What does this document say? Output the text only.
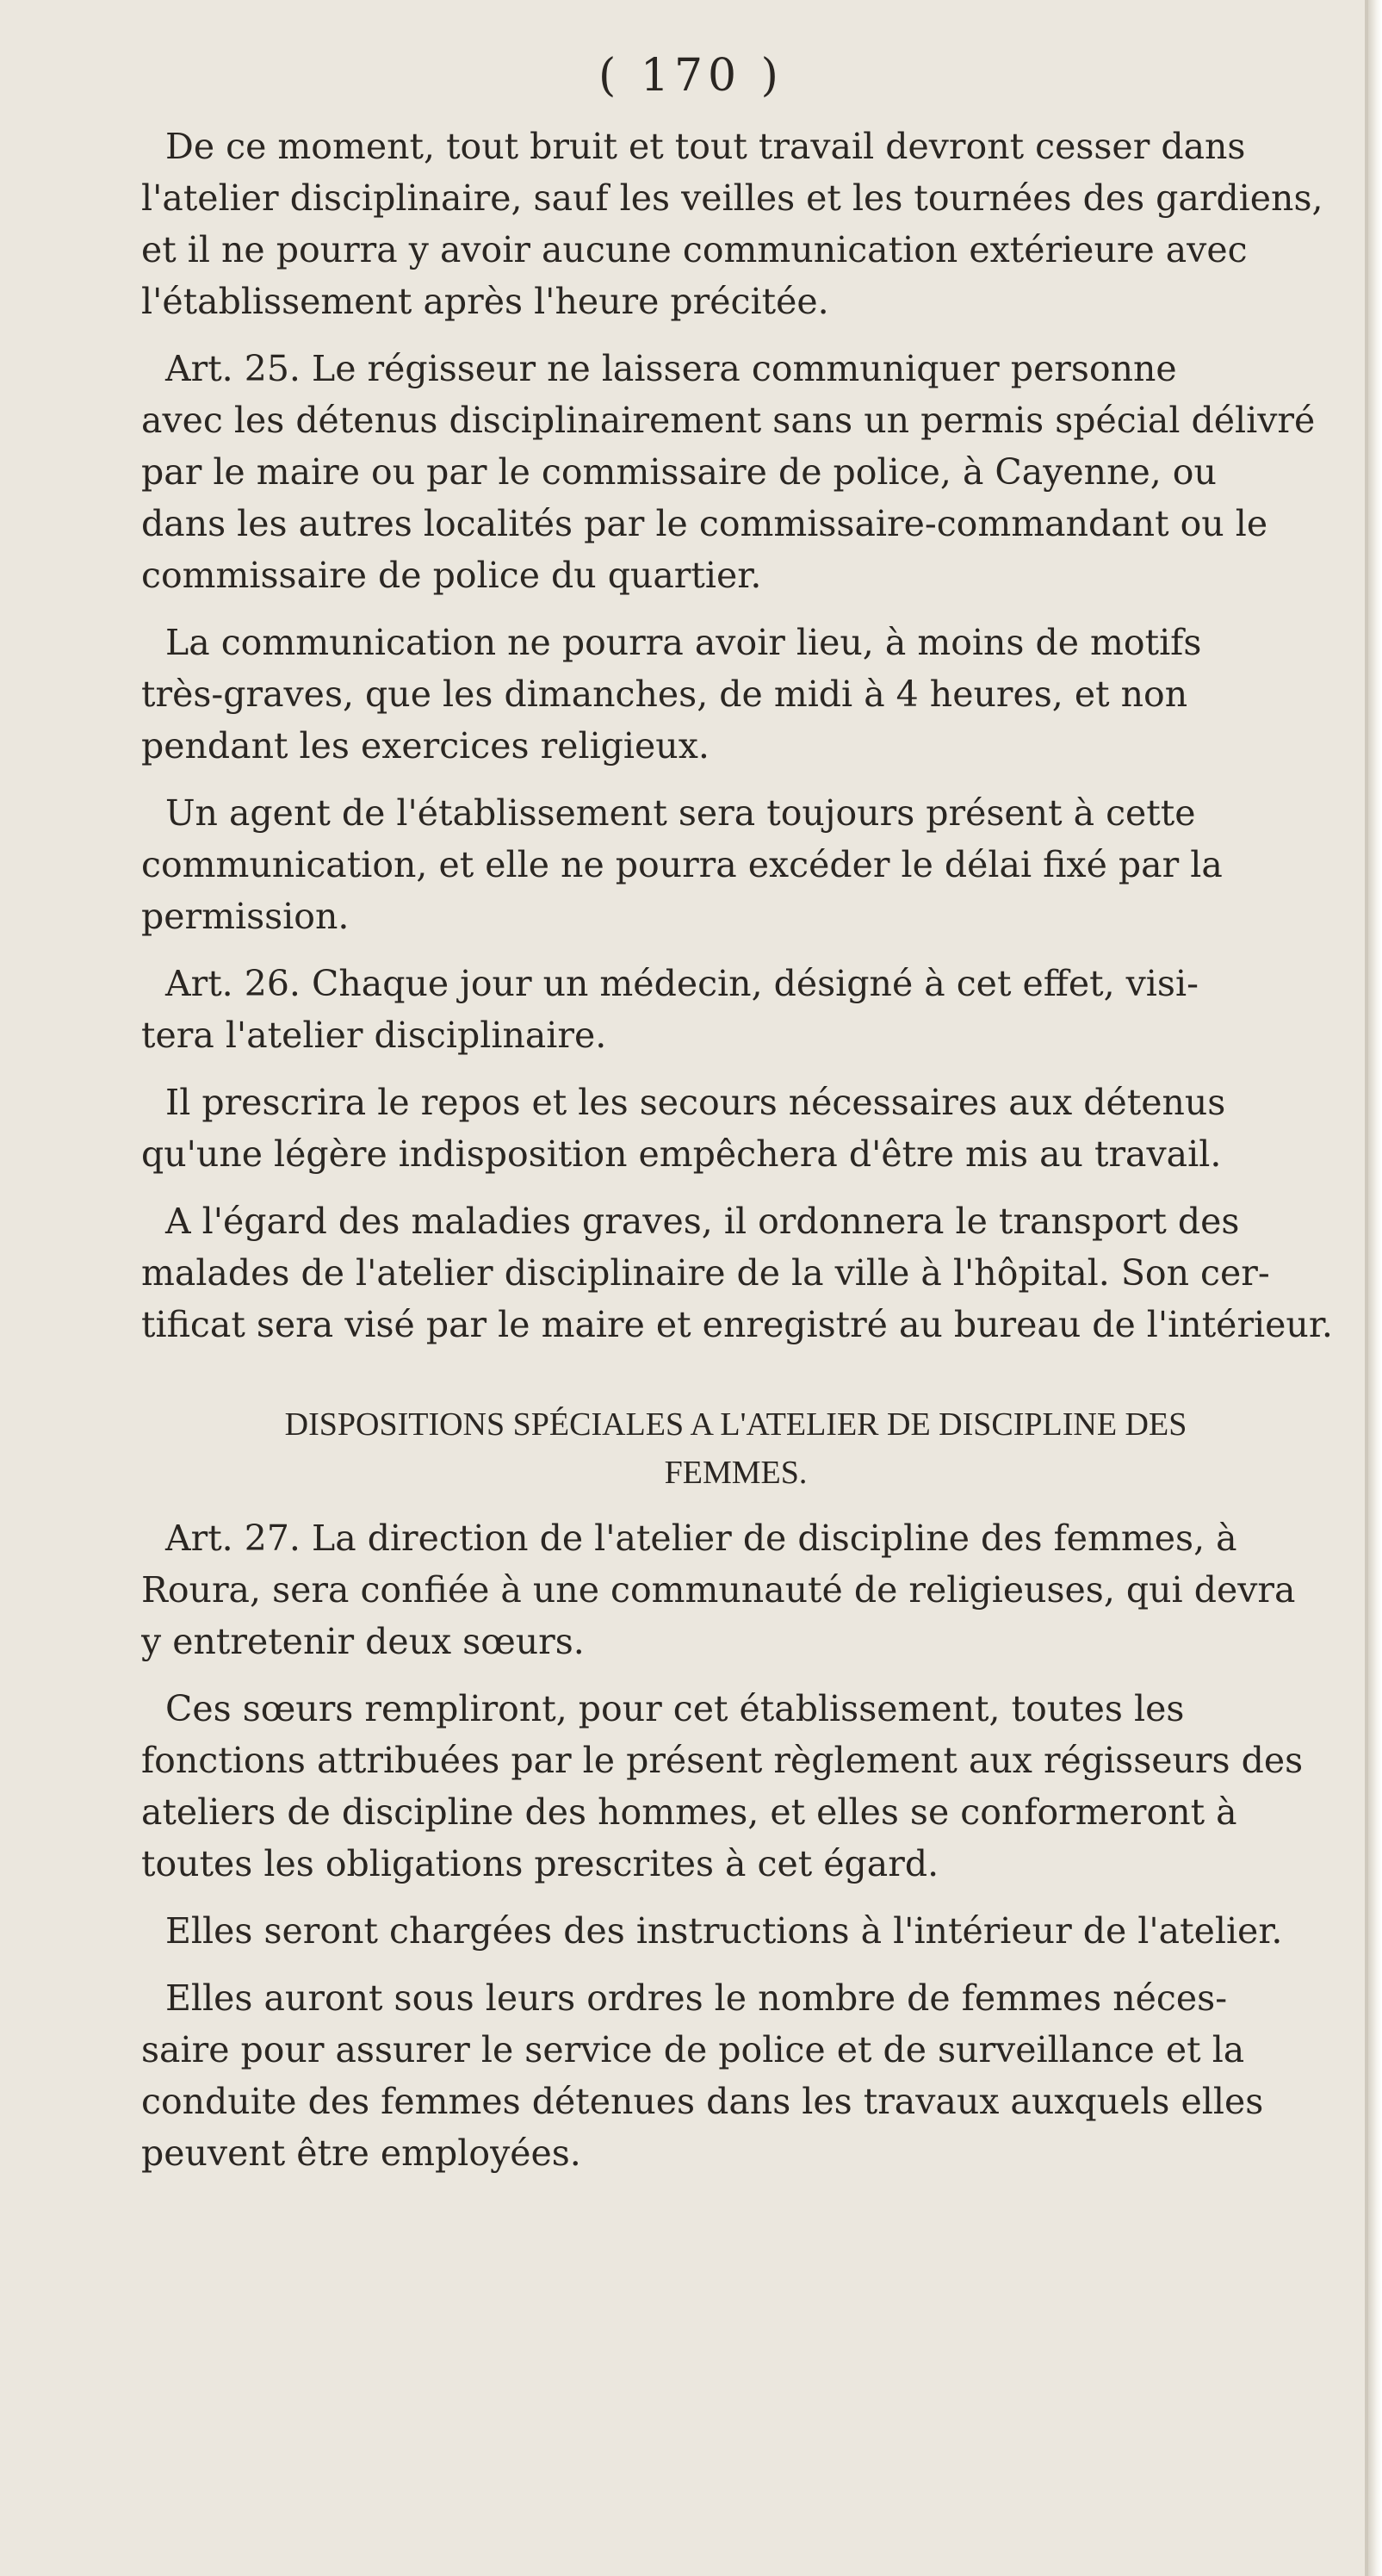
( 170 )
De ce moment, tout bruit et tout travail devront cesser dans
l'atelier disciplinaire, sauf les veilles et les tournées des gardiens,
et il ne pourra y avoir aucune communication extérieure avec
l'établissement après l'heure précitée.
Art. 25. Le régisseur ne laissera communiquer personne
avec les détenus disciplinairement sans un permis spécial délivré
par le maire ou par le commissaire de police, à Cayenne, ou
dans les autres localités par le commissaire-commandant ou le
commissaire de police du quartier.
La communication ne pourra avoir lieu, à moins de motifs
très-graves, que les dimanches, de midi à 4 heures, et non
pendant les exercices religieux.
Un agent de l'établissement sera toujours présent à cette
communication, et elle ne pourra excéder le délai fixé par la
permission.
Art. 26. Chaque jour un médecin, désigné à cet effet, visi-
tera l'atelier disciplinaire.
Il prescrira le repos et les secours nécessaires aux détenus
qu'une légère indisposition empêchera d'être mis au travail.
A l'égard des maladies graves, il ordonnera le transport des
malades de l'atelier disciplinaire de la ville à l'hôpital. Son cer-
tificat sera visé par le maire et enregistré au bureau de l'intérieur.
DISPOSITIONS SPÉCIALES A L'ATELIER DE DISCIPLINE DES
FEMMES.
Art. 27. La direction de l'atelier de discipline des femmes, à
Roura, sera confiée à une communauté de religieuses, qui devra
y entretenir deux sœurs.
Ces sœurs rempliront, pour cet établissement, toutes les
fonctions attribuées par le présent règlement aux régisseurs des
ateliers de discipline des hommes, et elles se conformeront à
toutes les obligations prescrites à cet égard.
Elles seront chargées des instructions à l'intérieur de l'atelier.
Elles auront sous leurs ordres le nombre de femmes néces-
saire pour assurer le service de police et de surveillance et la
conduite des femmes détenues dans les travaux auxquels elles
peuvent être employées.
